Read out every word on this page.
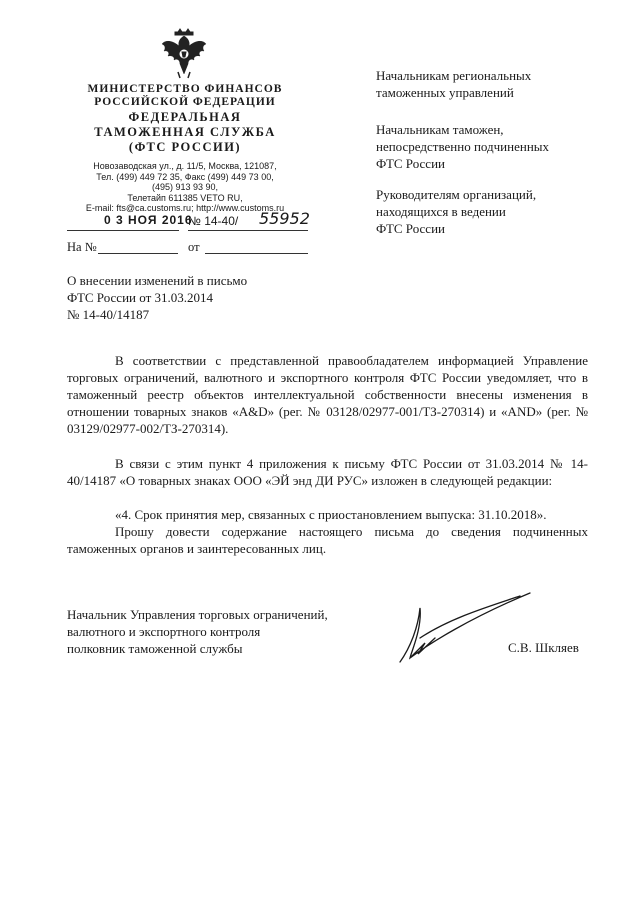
МИНИСТЕРСТВО ФИНАНСОВ
РОССИЙСКОЙ ФЕДЕРАЦИИ
ФЕДЕРАЛЬНАЯ
ТАМОЖЕННАЯ СЛУЖБА
(ФТС РОССИИ)
Новозаводская ул., д. 11/5, Москва, 121087,
Тел. (499) 449 72 35, Факс (499) 449 73 00,
(495) 913 93 90,
Телетайп 611385 VETO RU,
E-mail: fts@ca.customs.ru; http://www.customs.ru
0 3 НОЯ 2016
№ 14-40/ 55952
На №	от
Начальникам региональных
таможенных управлений
Начальникам таможен,
непосредственно подчиненных
ФТС России
Руководителям организаций,
находящихся в ведении
ФТС России
О внесении изменений в письмо
ФТС России от 31.03.2014
№ 14-40/14187
В соответствии с представленной правообладателем информацией Управление торговых ограничений, валютного и экспортного контроля ФТС России уведомляет, что в таможенный реестр объектов интеллектуальной собственности внесены изменения в отношении товарных знаков «A&D» (рег. № 03128/02977-001/ТЗ-270314) и «AND» (рег. № 03129/02977-002/ТЗ-270314).
В связи с этим пункт 4 приложения к письму ФТС России от 31.03.2014 № 14-40/14187 «О товарных знаках ООО «ЭЙ энд ДИ РУС» изложен в следующей редакции:
«4. Срок принятия мер, связанных с приостановлением выпуска: 31.10.2018».
Прошу довести содержание настоящего письма до сведения подчиненных таможенных органов и заинтересованных лиц.
Начальник Управления торговых ограничений,
валютного и экспортного контроля
полковник таможенной службы	С.В. Шкляев
